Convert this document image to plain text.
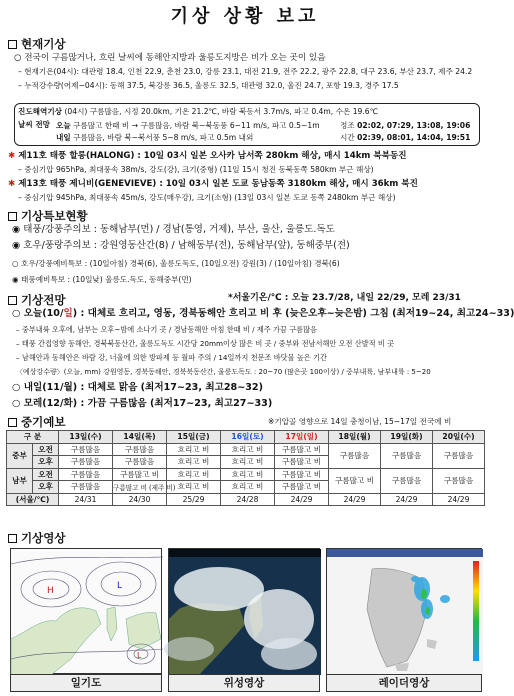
기상 상황 보고
현재기상
○ 전국이 구름많거나, 흐린 날씨에 동해안지방과 울릉도지방은 비가 오는 곳이 있음
– 현재기온(04시): 대관령 18.4, 인천 22.9, 춘천 23.0, 강릉 23.1, 대전 21.9, 전주 22.2, 광주 22.8, 대구 23.6, 부산 23.7, 제주 24.2
– 누적강수량(어제~04시): 동해 37.5, 북강릉 36.5, 울릉도 32.5, 대관령 32.0, 울진 24.7, 포항 19.3, 경주 17.5
진도해역기상 (04시) 구름많음, 시정 20.0km, 기온 21.2℃, 바람 북동서 3.7m/s, 파고 0.4m, 수온 19.6℃
날씨 전망 오늘 구름많고 한때 비 → 구름많음, 바람 북~북동풍 6~11 m/s, 파고 0.5~1m
내일 구름많음, 바람 북~북서풍 5~8 m/s, 파고 0.5m 내외
정조 02:02, 07:29, 13:08, 19:06
시간 02:39, 08:01, 14:04, 19:51
✱ 제11호 태풍 할롱(HALONG) : 10일 03시 일본 오사카 남서쪽 280km 해상, 매시 14km 북북동진
– 중심기압 965hPa, 최대풍속 38m/s, 강도(강), 크기(중형) (11일 15시 청진 동북동쪽 580km 부근 해상)
✱ 제13호 태풍 제니비(GENEVIEVE) : 10일 03시 일본 도쿄 동남동쪽 3180km 해상, 매시 36km 북진
– 중심기압 945hPa, 최대풍속 45m/s, 강도(매우강), 크기(소형) (13일 03시 일본 도쿄 동쪽 2480km 부근 해상)
기상특보현황
◉ 태풍/강풍주의보 : 동해남부(먼) / 경남(통영, 거제), 부산, 울산, 울릉도.독도
◉ 호우/풍랑주의보 : 강원영동산간(8) / 남해동부(전), 동해남부(앞), 동해중부(전)
○ 호우/강풍예비특보 : (10일아침) 경북(6), 울릉도독도, (10일오전) 강원(3) / (10일아침) 경북(6)
◉ 태풍예비특보 : (10일낮) 울릉도.독도, 동해중부(먼)
기상전망	*서울기온/℃ : 오늘 23.7/28, 내일 22/29, 모레 23/31
○ 오늘(10/일) : 대체로 흐리고, 영동, 경북동해안 흐리고 비 후 (늦은오후~늦은밤) 그침 (최저19~24, 최고24~33)
– 중부내륙 오후에, 남부는 오후~밤에 소나기 곳 / 경남동해안 아침 한때 비 / 제주 가끔 구름많음
– 태풍 간접영향 동해안, 경북북동산간, 울릉도독도 시간당 20mm이상 많은 비 곳 / 중부와 전남서해안 오전 산발적 비 곳
– 남해안과 동해안은 바람 강, 너울에 의한 방파제 등 월파 주의 / 14일까지 천문조 바닷물 높은 기간
〈예상강수량〉(오늘, mm) 강원영동, 경북동해안, 경북북동산간, 울릉도독도 : 20~70 (많은곳 100이상) / 중부내륙, 남부내륙 : 5~20
○ 내일(11/월) : 대체로 맑음 (최저17~23, 최고28~32)
○ 모레(12/화) : 가끔 구름많음 (최저17~23, 최고27~33)
중기예보	※기압골 영향으로 14일 충청이남, 15~17일 전국에 비
구 분		13일(수)	14일(목)	15일(금)	16일(토)	17일(일)	18일(월)	19일(화)	20일(수)
중부	오전	구름많음	구름많음	흐리고 비	흐리고 비	구름많고 비	구름많음	구름많음	구름많음
	오후	구름많음	구름많음	흐리고 비	흐리고 비	구름많고 비			
남부	오전	구름많음	구름많고 비	흐리고 비	흐리고 비	구름많고 비	구름많고 비	구름많음	구름많음
	오후	구름많음	구름많고 비 (제주 비)	흐리고 비	흐리고 비	구름많고 비			
(서울/℃)		24/31	24/30	25/29	24/28	24/29	24/29	24/29	24/29
기상영상
H	L
L
일기도	위성영상	레이더영상
